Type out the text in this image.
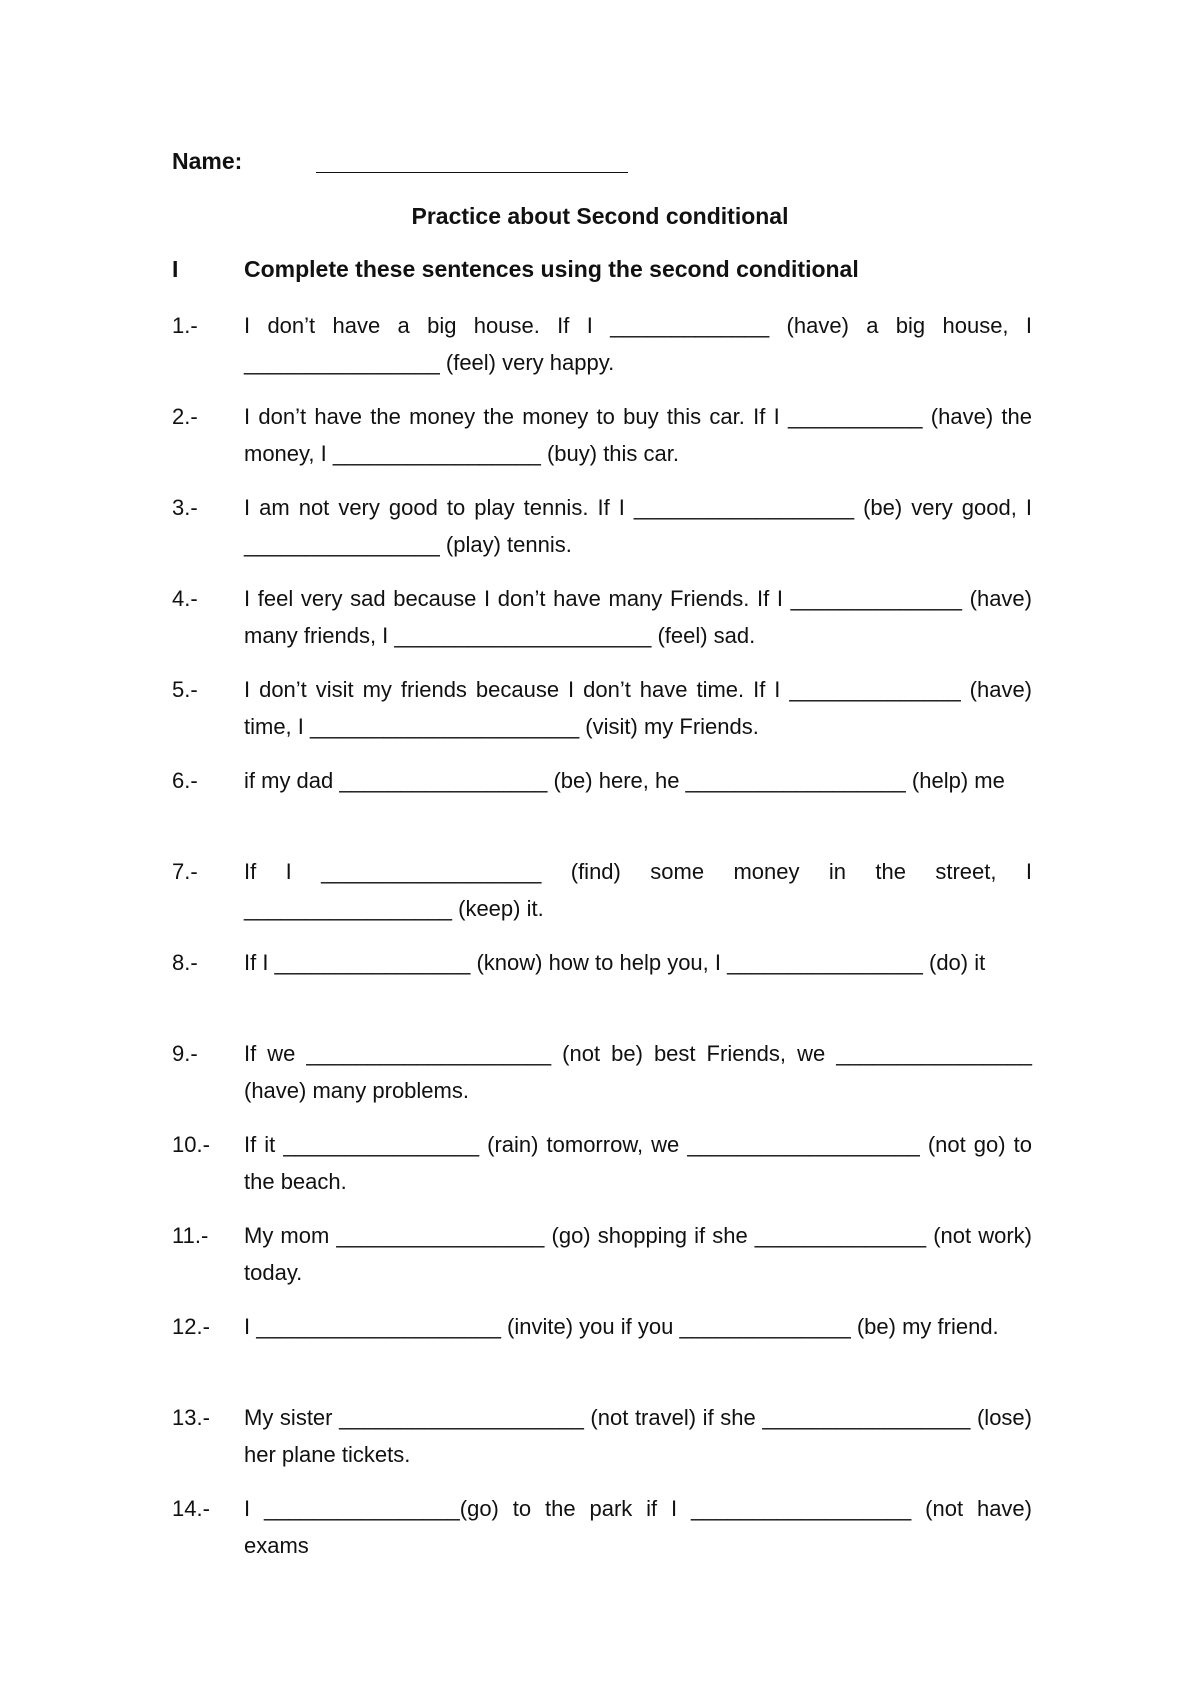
Name:
Practice about Second conditional
I	Complete these sentences using the second conditional
1.- I don’t have a big house. If I _____________ (have) a big house, I ________________ (feel) very happy.
2.- I don’t have the money the money to buy this car. If I ___________ (have) the money, I _________________ (buy) this car.
3.- I am not very good to play tennis. If I __________________ (be) very good, I ________________ (play) tennis.
4.- I feel very sad because I don’t have many Friends. If I ______________ (have) many friends, I _____________________ (feel) sad.
5.- I don’t visit my friends because I don’t have time. If I ______________ (have) time, I ______________________ (visit) my Friends.
6.- if my dad _________________ (be) here, he __________________ (help) me
7.- If I __________________ (find) some money in the street, I _________________ (keep) it.
8.- If I ________________ (know) how to help you, I ________________ (do) it
9.- If we ____________________ (not be) best Friends, we ________________ (have) many problems.
10.- If it ________________ (rain) tomorrow, we ___________________ (not go) to the beach.
11.- My mom _________________ (go) shopping if she ______________ (not work) today.
12.- I ____________________ (invite) you if you ______________ (be) my friend.
13.- My sister ____________________ (not travel) if she _________________ (lose) her plane tickets.
14.- I ________________(go) to the park if I __________________ (not have) exams
